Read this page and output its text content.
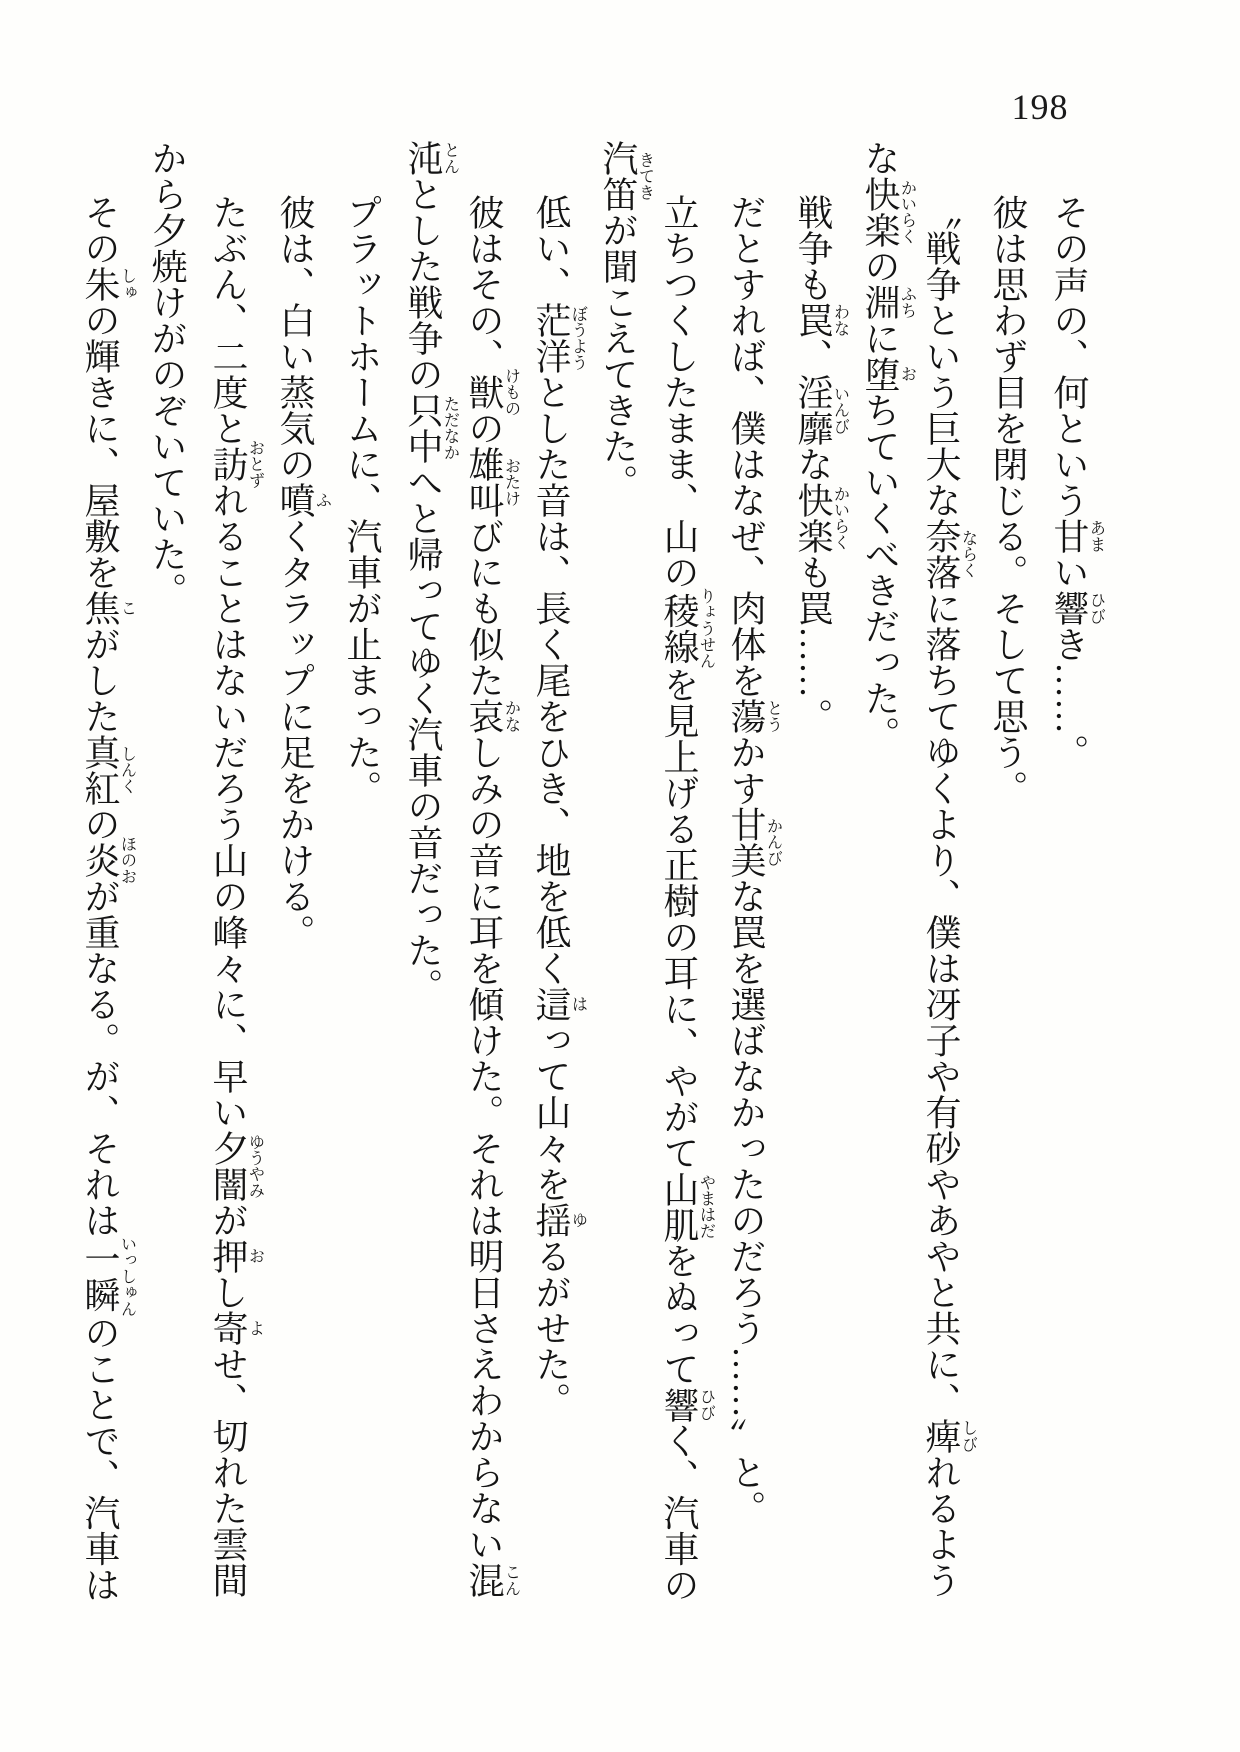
198

その声の、何という甘あまい響ひびき……。

彼は思わず目を閉じる。そして思う。

〝戦争という巨大な奈落ならくに落ちてゆくより、僕は冴子や有砂やあやと共に、痺しびれるような快楽かいらくの淵ふちに堕おちていくべきだった。

戦争も罠わな、淫靡いんびな快楽かいらくも罠……。

だとすれば、僕はなぜ、肉体を蕩とうかす甘美かんびな罠を選ばなかったのだろう……〟と。

立ちつくしたまま、山の稜線りょうせんを見上げる正樹の耳に、やがて山肌やまはだをぬって響ひびく、汽車の汽笛きてきが聞こえてきた。

低い、茫洋ぼうようとした音は、長く尾をひき、地を低く這はって山々を揺ゆるがせた。

彼はその、獣けものの雄叫おたけびにも似た哀かなしみの音に耳を傾けた。それは明日さえわからない混こん沌とんとした戦争の只中ただなかへと帰ってゆく汽車の音だった。

プラットホームに、汽車が止まった。

彼は、白い蒸気の噴ふくタラップに足をかける。

たぶん、二度と訪おとずれることはないだろう山の峰々に、早い夕闇ゆうやみが押おし寄よせ、切れた雲間から夕焼けがのぞいていた。

その朱しゅの輝きに、屋敷を焦こがした真紅しんくの炎ほのおが重なる。が、それは一瞬いっしゅんのことで、汽車は
